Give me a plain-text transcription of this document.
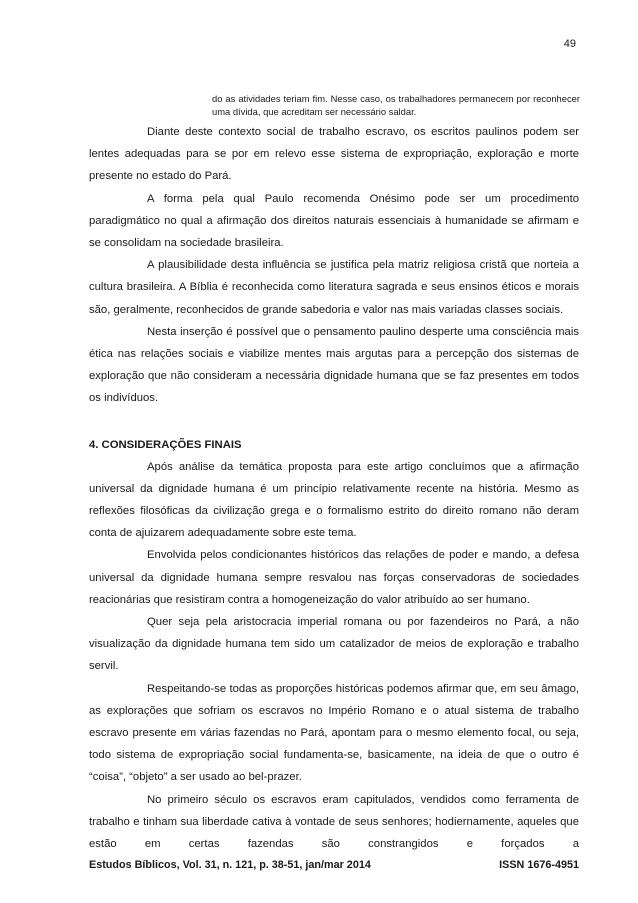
49
do as atividades teriam fim. Nesse caso, os trabalhadores permanecem por reconhecer uma dívida, que acreditam ser necessário saldar.

Diante deste contexto social de trabalho escravo, os escritos paulinos podem ser lentes adequadas para se por em relevo esse sistema de expropriação, exploração e morte presente no estado do Pará.

A forma pela qual Paulo recomenda Onésimo pode ser um procedimento paradigmático no qual a afirmação dos direitos naturais essenciais à humanidade se afirmam e se consolidam na sociedade brasileira.

A plausibilidade desta influência se justifica pela matriz religiosa cristã que norteia a cultura brasileira. A Bíblia é reconhecida como literatura sagrada e seus ensinos éticos e morais são, geralmente, reconhecidos de grande sabedoria e valor nas mais variadas classes sociais.

Nesta inserção é possível que o pensamento paulino desperte uma consciência mais ética nas relações sociais e viabilize mentes mais argutas para a percepção dos sistemas de exploração que não consideram a necessária dignidade humana que se faz presentes em todos os indivíduos.

4. CONSIDERAÇÕES FINAIS

Após análise da temática proposta para este artigo concluímos que a afirmação universal da dignidade humana é um princípio relativamente recente na história. Mesmo as reflexões filosóficas da civilização grega e o formalismo estrito do direito romano não deram conta de ajuizarem adequadamente sobre este tema.

Envolvida pelos condicionantes históricos das relações de poder e mando, a defesa universal da dignidade humana sempre resvalou nas forças conservadoras de sociedades reacionárias que resistiram contra a homogeneização do valor atribuído ao ser humano.

Quer seja pela aristocracia imperial romana ou por fazendeiros no Pará, a não visualização da dignidade humana tem sido um catalizador de meios de exploração e trabalho servil.

Respeitando-se todas as proporções históricas podemos afirmar que, em seu âmago, as explorações que sofriam os escravos no Império Romano e o atual sistema de trabalho escravo presente em várias fazendas no Pará, apontam para o mesmo elemento focal, ou seja, todo sistema de expropriação social fundamenta-se, basicamente, na ideia de que o outro é “coisa”, “objeto” a ser usado ao bel-prazer.

No primeiro século os escravos eram capitulados, vendidos como ferramenta de trabalho e tinham sua liberdade cativa à vontade de seus senhores; hodiernamente, aqueles que estão em certas fazendas são constrangidos e forçados a

Estudos Bíblicos, Vol. 31, n. 121, p. 38-51, jan/mar 2014	ISSN 1676-4951
